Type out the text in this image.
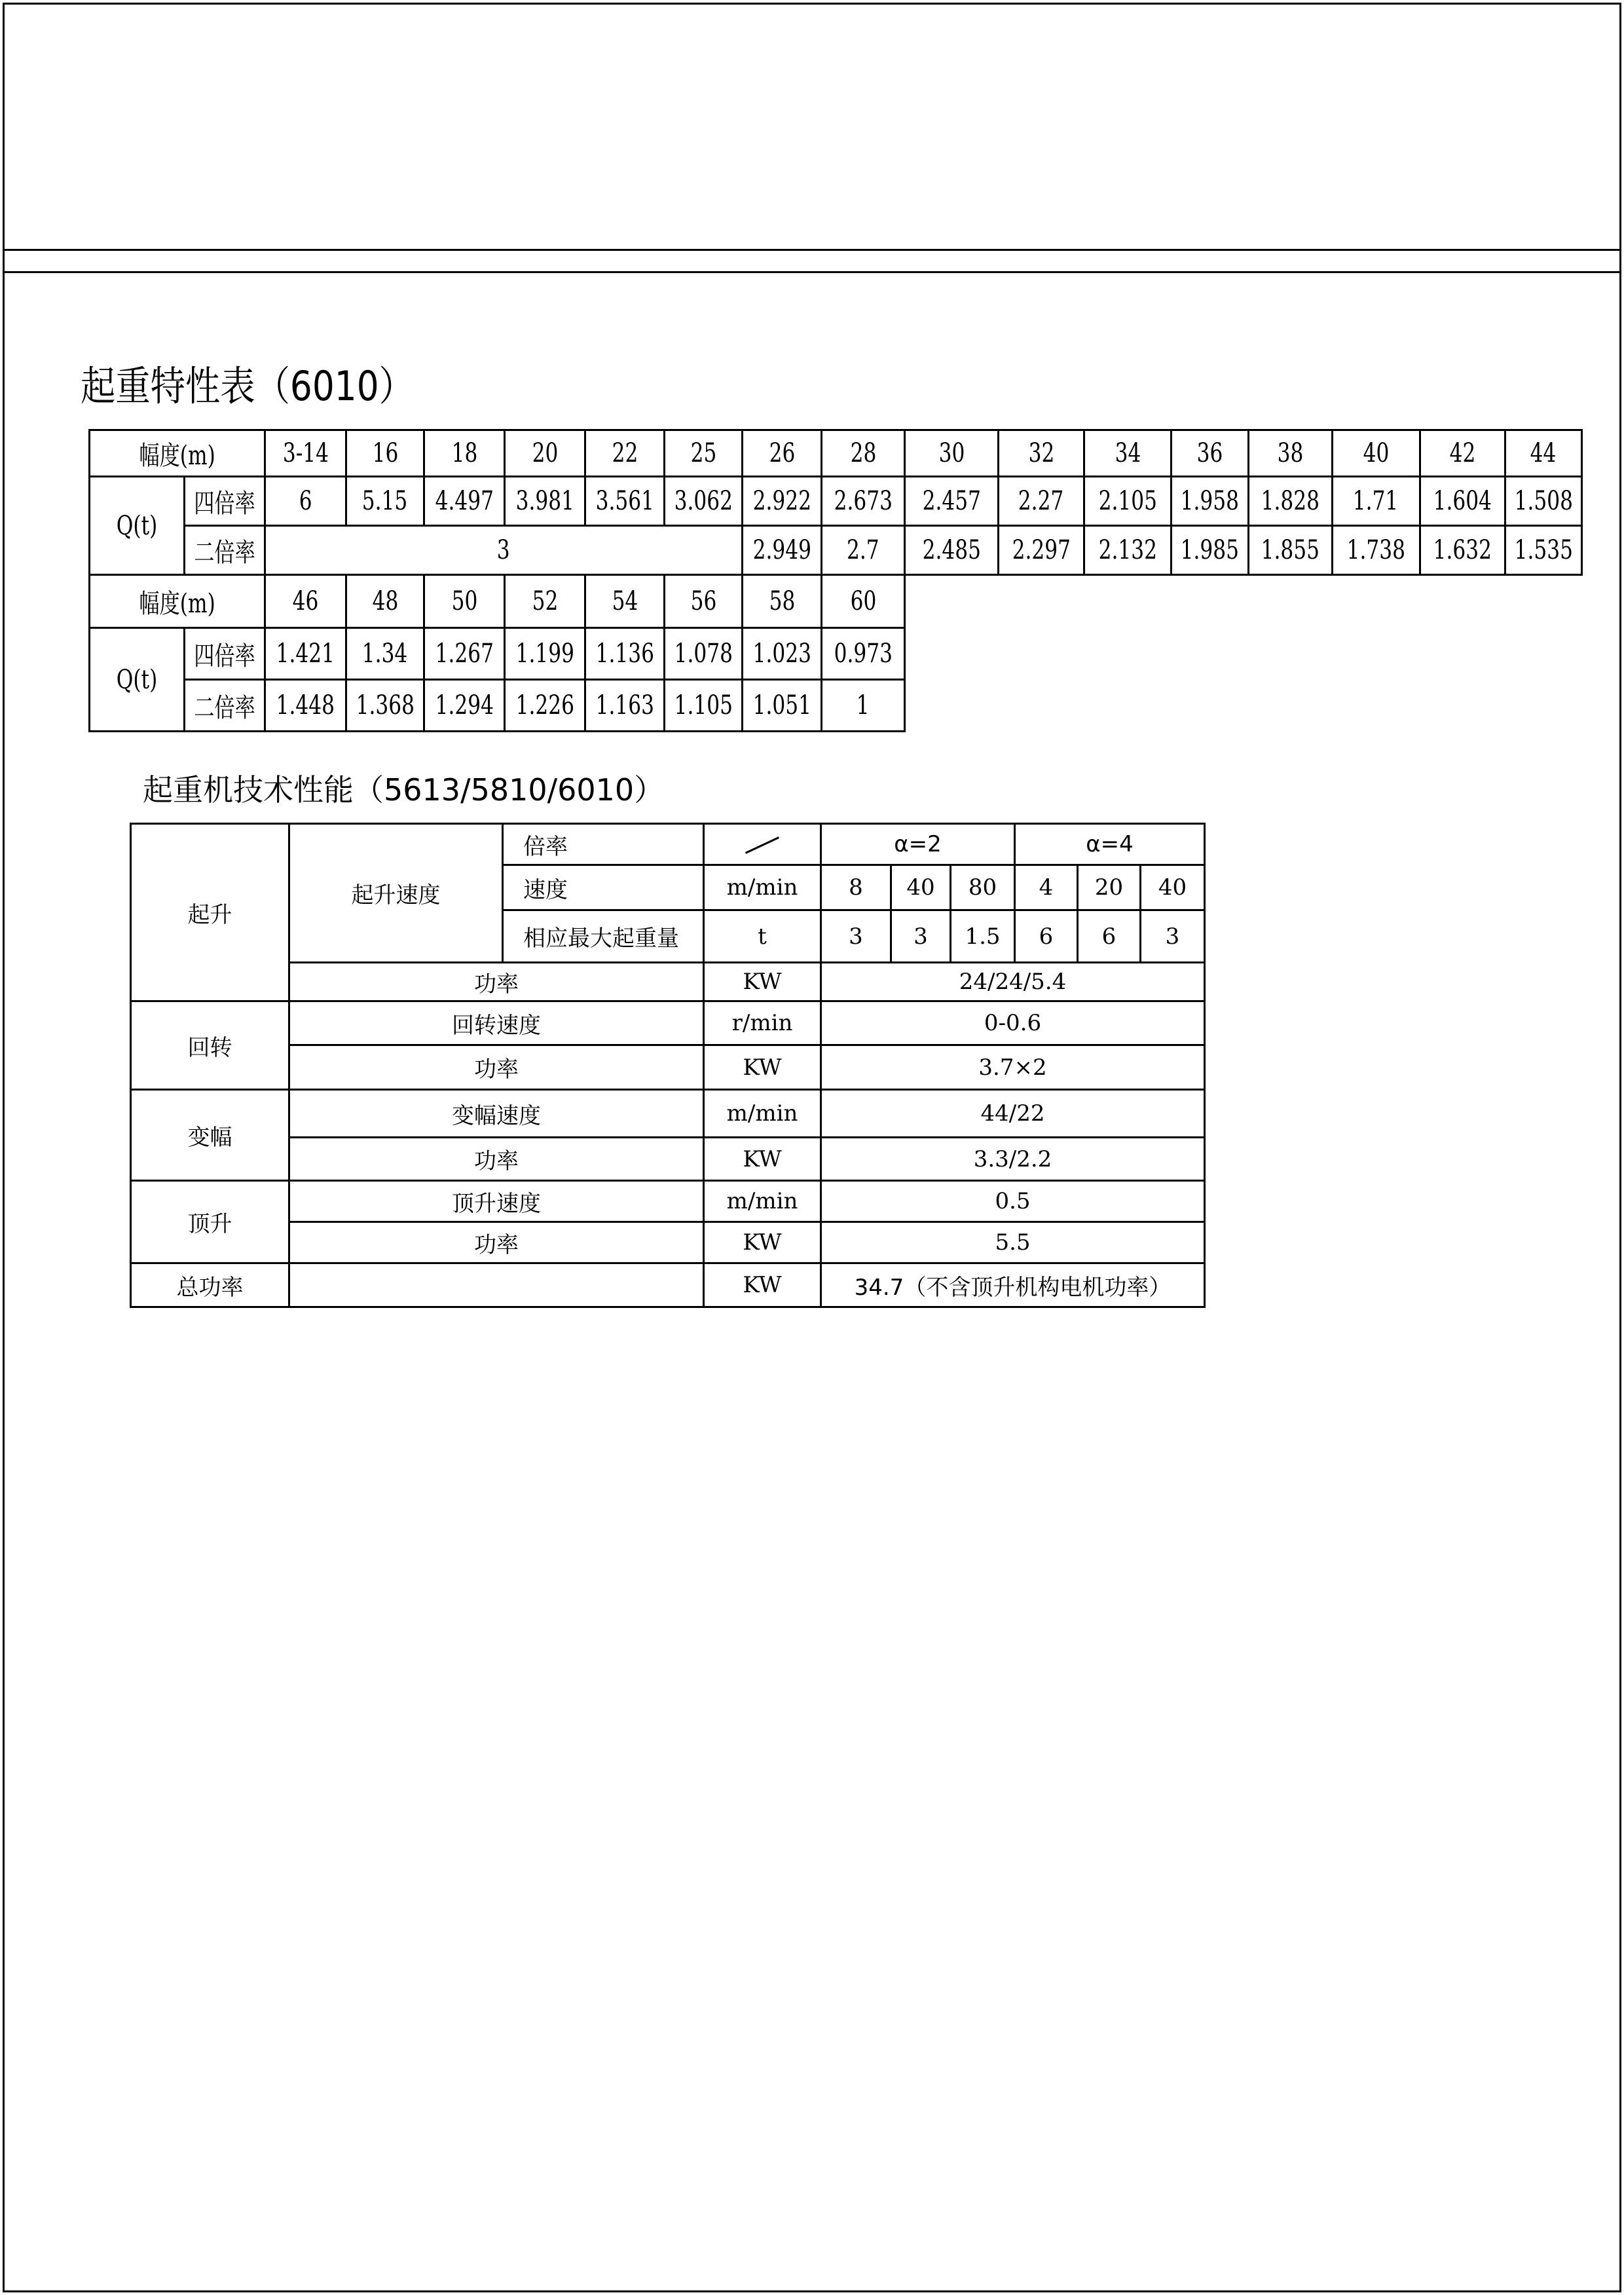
起重特性表（6010）
幅度(m)		3-14	16	18	20	22	25	26	28	30	32	34	36	38	40	42	44
Q(t)	四倍率	6	5.15	4.497	3.981	3.561	3.062	2.922	2.673	2.457	2.27	2.105	1.958	1.828	1.71	1.604	1.508
	二倍率	3						2.949	2.7	2.485	2.297	2.132	1.985	1.855	1.738	1.632	1.535
幅度(m)		46	48	50	52	54	56	58	60								
Q(t)	四倍率	1.421	1.34	1.267	1.199	1.136	1.078	1.023	0.973								
	二倍率	1.448	1.368	1.294	1.226	1.163	1.105	1.051	1								
起重机技术性能（5613/5810/6010）
起升	起升速度	倍率		α=2			α=4		
		速度	m/min	8	40	80	4	20	40
		相应最大起重量	t	3	3	1.5	6	6	3
	功率		KW	24/24/5.4					
回转	回转速度		r/min	0-0.6					
	功率		KW	3.7×2					
变幅	变幅速度		m/min	44/22					
	功率		KW	3.3/2.2					
顶升	顶升速度		m/min	0.5					
	功率		KW	5.5					
总功率			KW	34.7（不含顶升机构电机功率）					
